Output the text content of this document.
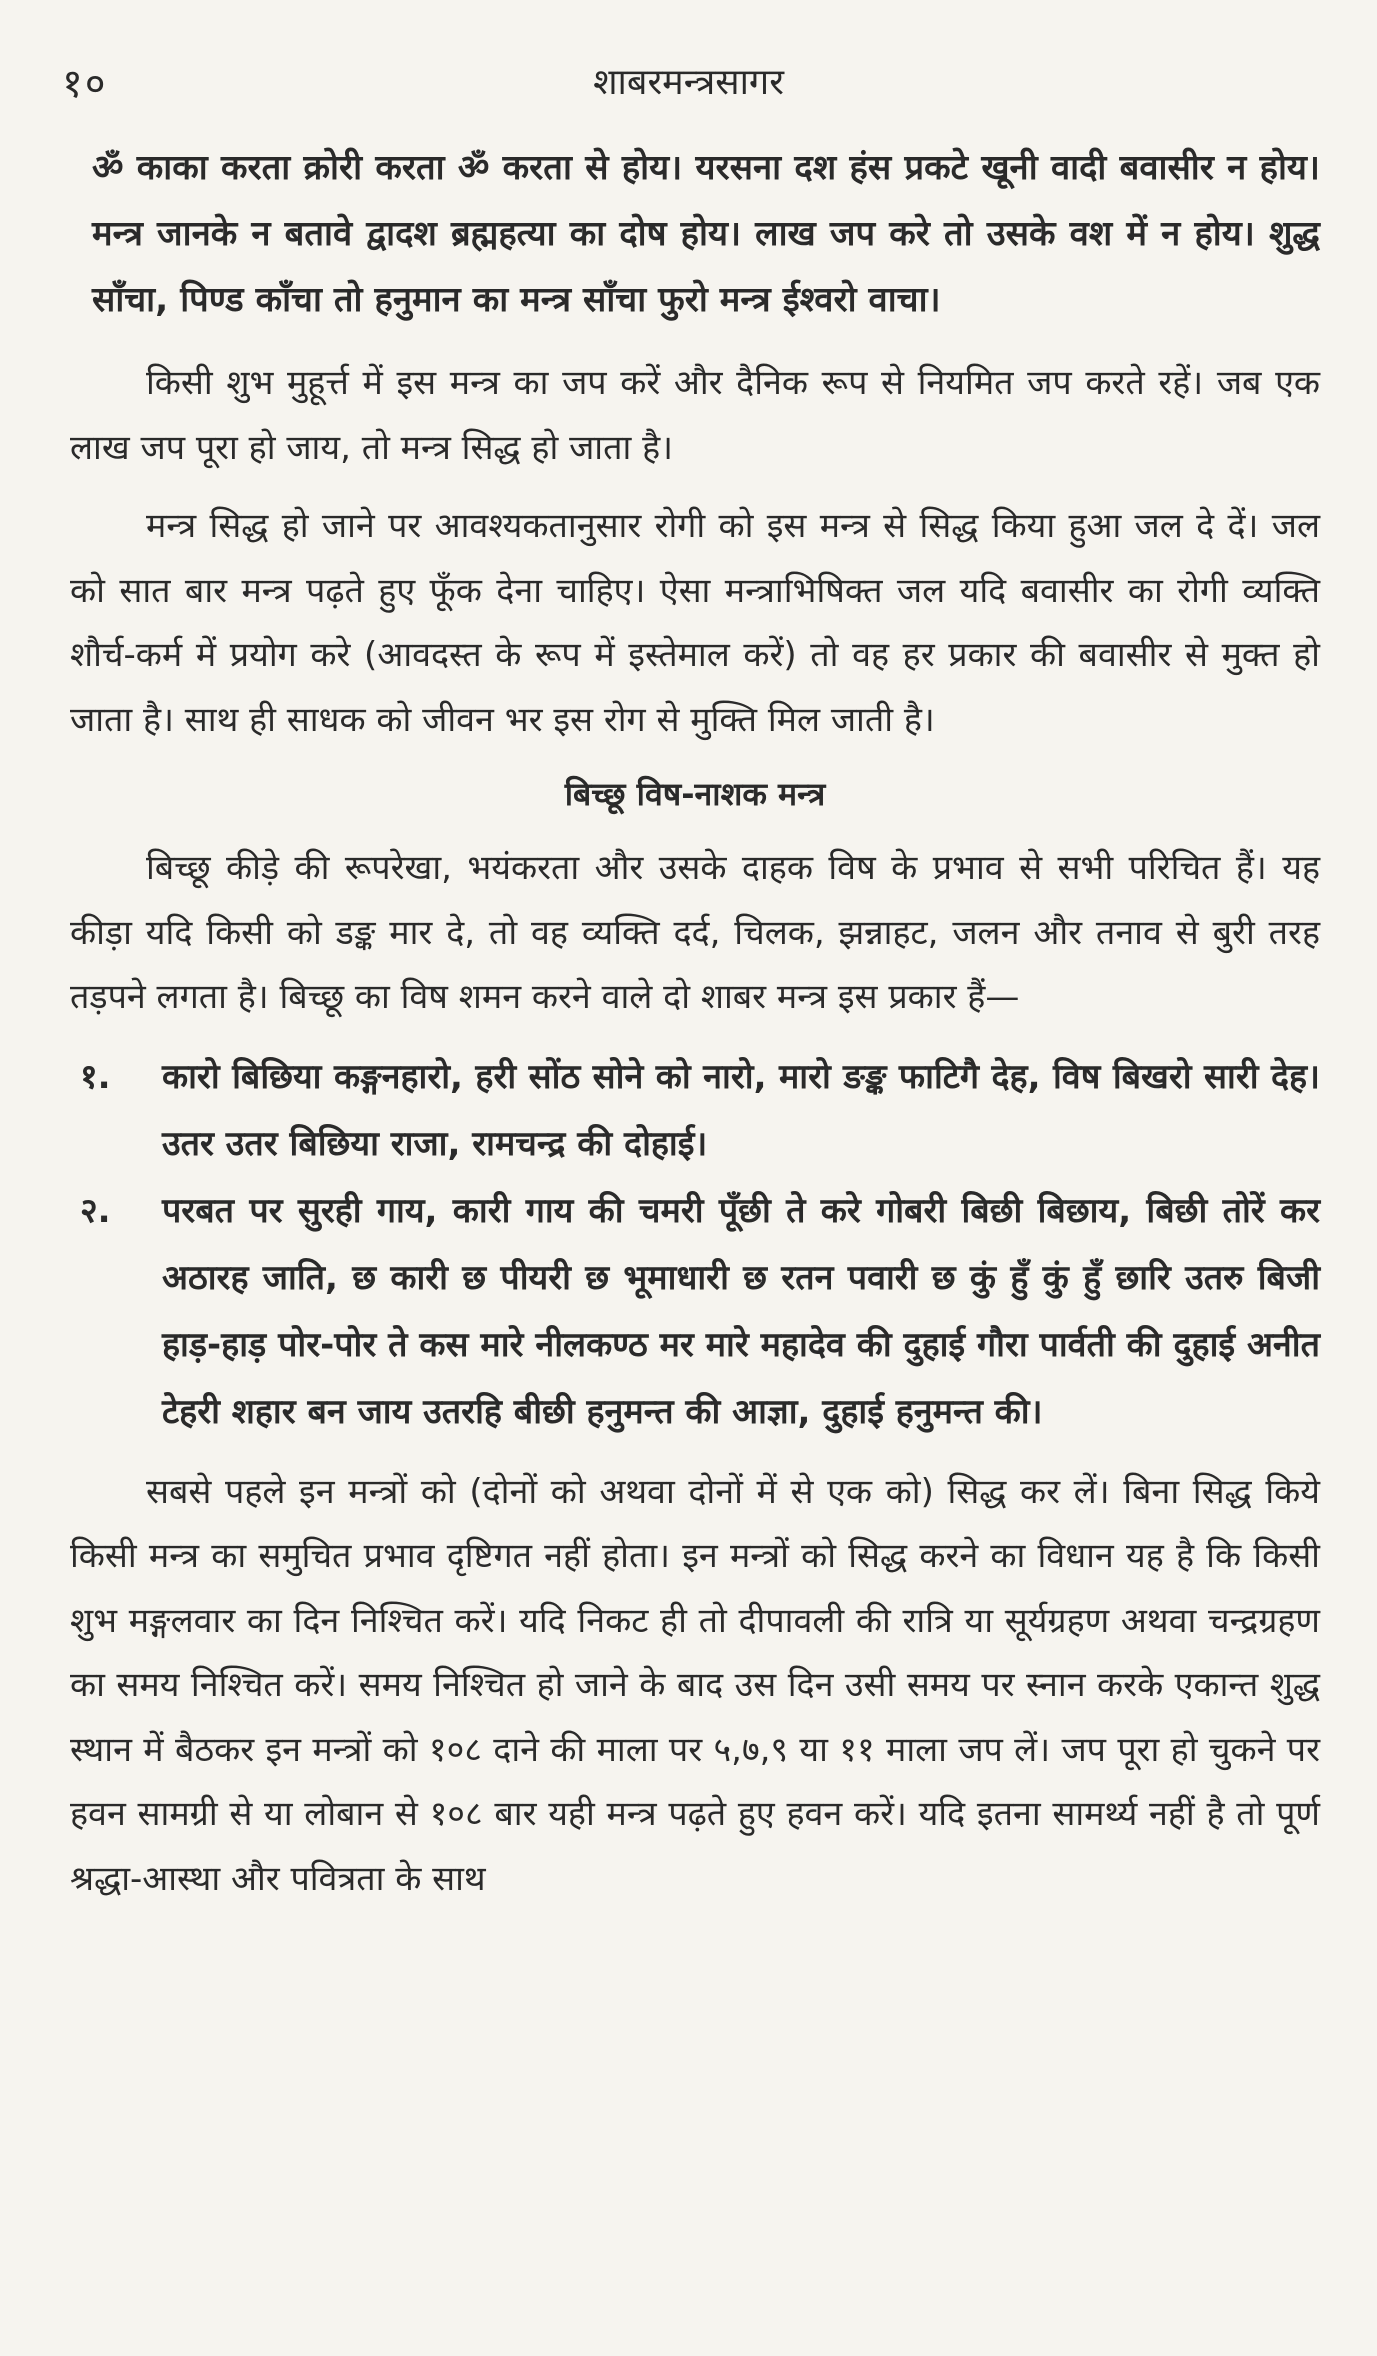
१०	शाबरमन्त्रसागर

ॐ काका करता क्रोरी करता ॐ करता से होय। यरसना दश हंस प्रकटे खूनी वादी बवासीर न होय। मन्त्र जानके न बतावे द्वादश ब्रह्महत्या का दोष होय। लाख जप करे तो उसके वश में न होय। शुद्ध साँचा, पिण्ड काँचा तो हनुमान का मन्त्र साँचा फुरो मन्त्र ईश्वरो वाचा।

किसी शुभ मुहूर्त्त में इस मन्त्र का जप करें और दैनिक रूप से नियमित जप करते रहें। जब एक लाख जप पूरा हो जाय, तो मन्त्र सिद्ध हो जाता है।

मन्त्र सिद्ध हो जाने पर आवश्यकतानुसार रोगी को इस मन्त्र से सिद्ध किया हुआ जल दे दें। जल को सात बार मन्त्र पढ़ते हुए फूँक देना चाहिए। ऐसा मन्त्राभिषिक्त जल यदि बवासीर का रोगी व्यक्ति शौर्च-कर्म में प्रयोग करे (आवदस्त के रूप में इस्तेमाल करें) तो वह हर प्रकार की बवासीर से मुक्त हो जाता है। साथ ही साधक को जीवन भर इस रोग से मुक्ति मिल जाती है।

बिच्छू विष-नाशक मन्त्र

बिच्छू कीड़े की रूपरेखा, भयंकरता और उसके दाहक विष के प्रभाव से सभी परिचित हैं। यह कीड़ा यदि किसी को डङ्क मार दे, तो वह व्यक्ति दर्द, चिलक, झन्नाहट, जलन और तनाव से बुरी तरह तड़पने लगता है। बिच्छू का विष शमन करने वाले दो शाबर मन्त्र इस प्रकार हैं—

१. कारो बिछिया कङ्गनहारो, हरी सोंठ सोने को नारो, मारो ङङ्क फाटिगै देह, विष बिखरो सारी देह। उतर उतर बिछिया राजा, रामचन्द्र की दोहाई।
२. परबत पर सुरही गाय, कारी गाय की चमरी पूँछी ते करे गोबरी बिछी बिछाय, बिछी तोरें कर अठारह जाति, छ कारी छ पीयरी छ भूमाधारी छ रतन पवारी छ कुं हुँ कुं हुँ छारि उतरु बिजी हाड़-हाड़ पोर-पोर ते कस मारे नीलकण्ठ मर मारे महादेव की दुहाई गौरा पार्वती की दुहाई अनीत टेहरी शहार बन जाय उतरहि बीछी हनुमन्त की आज्ञा, दुहाई हनुमन्त की।

सबसे पहले इन मन्त्रों को (दोनों को अथवा दोनों में से एक को) सिद्ध कर लें। बिना सिद्ध किये किसी मन्त्र का समुचित प्रभाव दृष्टिगत नहीं होता। इन मन्त्रों को सिद्ध करने का विधान यह है कि किसी शुभ मङ्गलवार का दिन निश्चित करें। यदि निकट ही तो दीपावली की रात्रि या सूर्यग्रहण अथवा चन्द्रग्रहण का समय निश्चित करें। समय निश्चित हो जाने के बाद उस दिन उसी समय पर स्नान करके एकान्त शुद्ध स्थान में बैठकर इन मन्त्रों को १०८ दाने की माला पर ५,७,९ या ११ माला जप लें। जप पूरा हो चुकने पर हवन सामग्री से या लोबान से १०८ बार यही मन्त्र पढ़ते हुए हवन करें। यदि इतना सामर्थ्य नहीं है तो पूर्ण श्रद्धा-आस्था और पवित्रता के साथ
